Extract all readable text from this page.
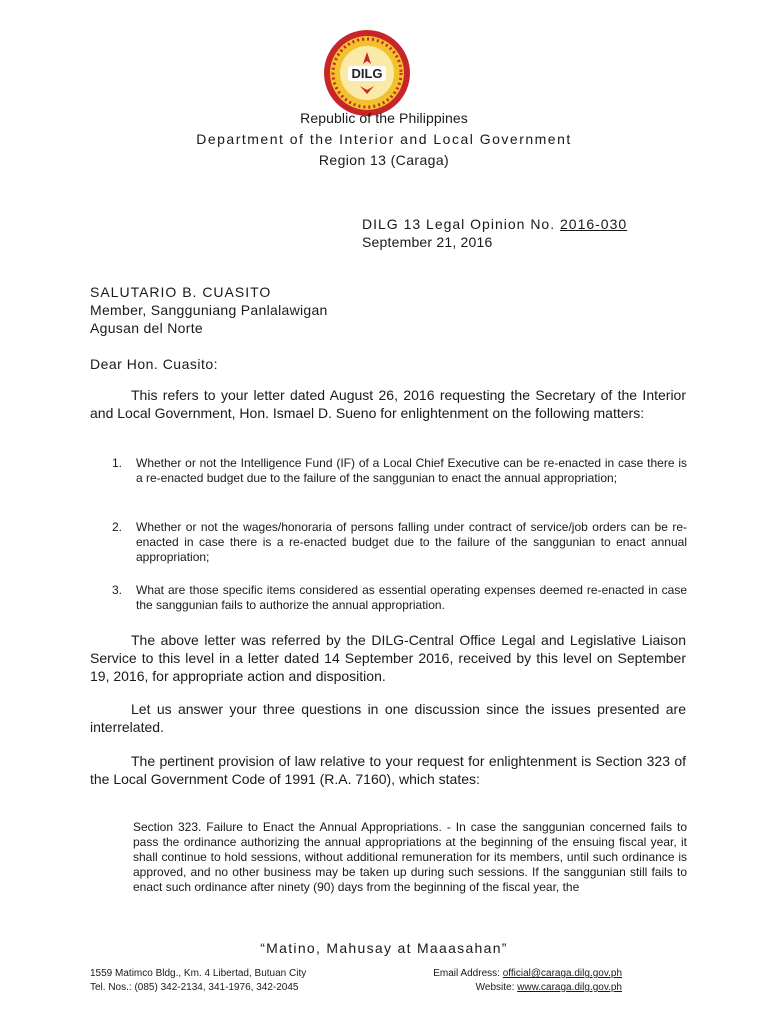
DILG
Republic of the Philippines
Department of the Interior and Local Government
Region 13 (Caraga)
DILG 13 Legal Opinion No. 2016-030
September 21, 2016
SALUTARIO B. CUASITO
Member, Sangguniang Panlalawigan
Agusan del Norte
Dear Hon. Cuasito:

This refers to your letter dated August 26, 2016 requesting the Secretary of the Interior and Local Government, Hon. Ismael D. Sueno for enlightenment on the following matters:

1. Whether or not the Intelligence Fund (IF) of a Local Chief Executive can be re-enacted in case there is a re-enacted budget due to the failure of the sanggunian to enact the annual appropriation;
2. Whether or not the wages/honoraria of persons falling under contract of service/job orders can be re-enacted in case there is a re-enacted budget due to the failure of the sanggunian to enact annual appropriation;
3. What are those specific items considered as essential operating expenses deemed re-enacted in case the sanggunian fails to authorize the annual appropriation.

The above letter was referred by the DILG-Central Office Legal and Legislative Liaison Service to this level in a letter dated 14 September 2016, received by this level on September 19, 2016, for appropriate action and disposition.

Let us answer your three questions in one discussion since the issues presented are interrelated.

The pertinent provision of law relative to your request for enlightenment is Section 323 of the Local Government Code of 1991 (R.A. 7160), which states:

Section 323. Failure to Enact the Annual Appropriations. - In case the sanggunian concerned fails to pass the ordinance authorizing the annual appropriations at the beginning of the ensuing fiscal year, it shall continue to hold sessions, without additional remuneration for its members, until such ordinance is approved, and no other business may be taken up during such sessions. If the sanggunian still fails to enact such ordinance after ninety (90) days from the beginning of the fiscal year, the

“Matino, Mahusay at Maaasahan”
1559 Matimco Bldg., Km. 4 Libertad, Butuan City
Tel. Nos.: (085) 342-2134, 341-1976, 342-2045
Email Address: official@caraga.dilg.gov.ph
Website: www.caraga.dilg.gov.ph
